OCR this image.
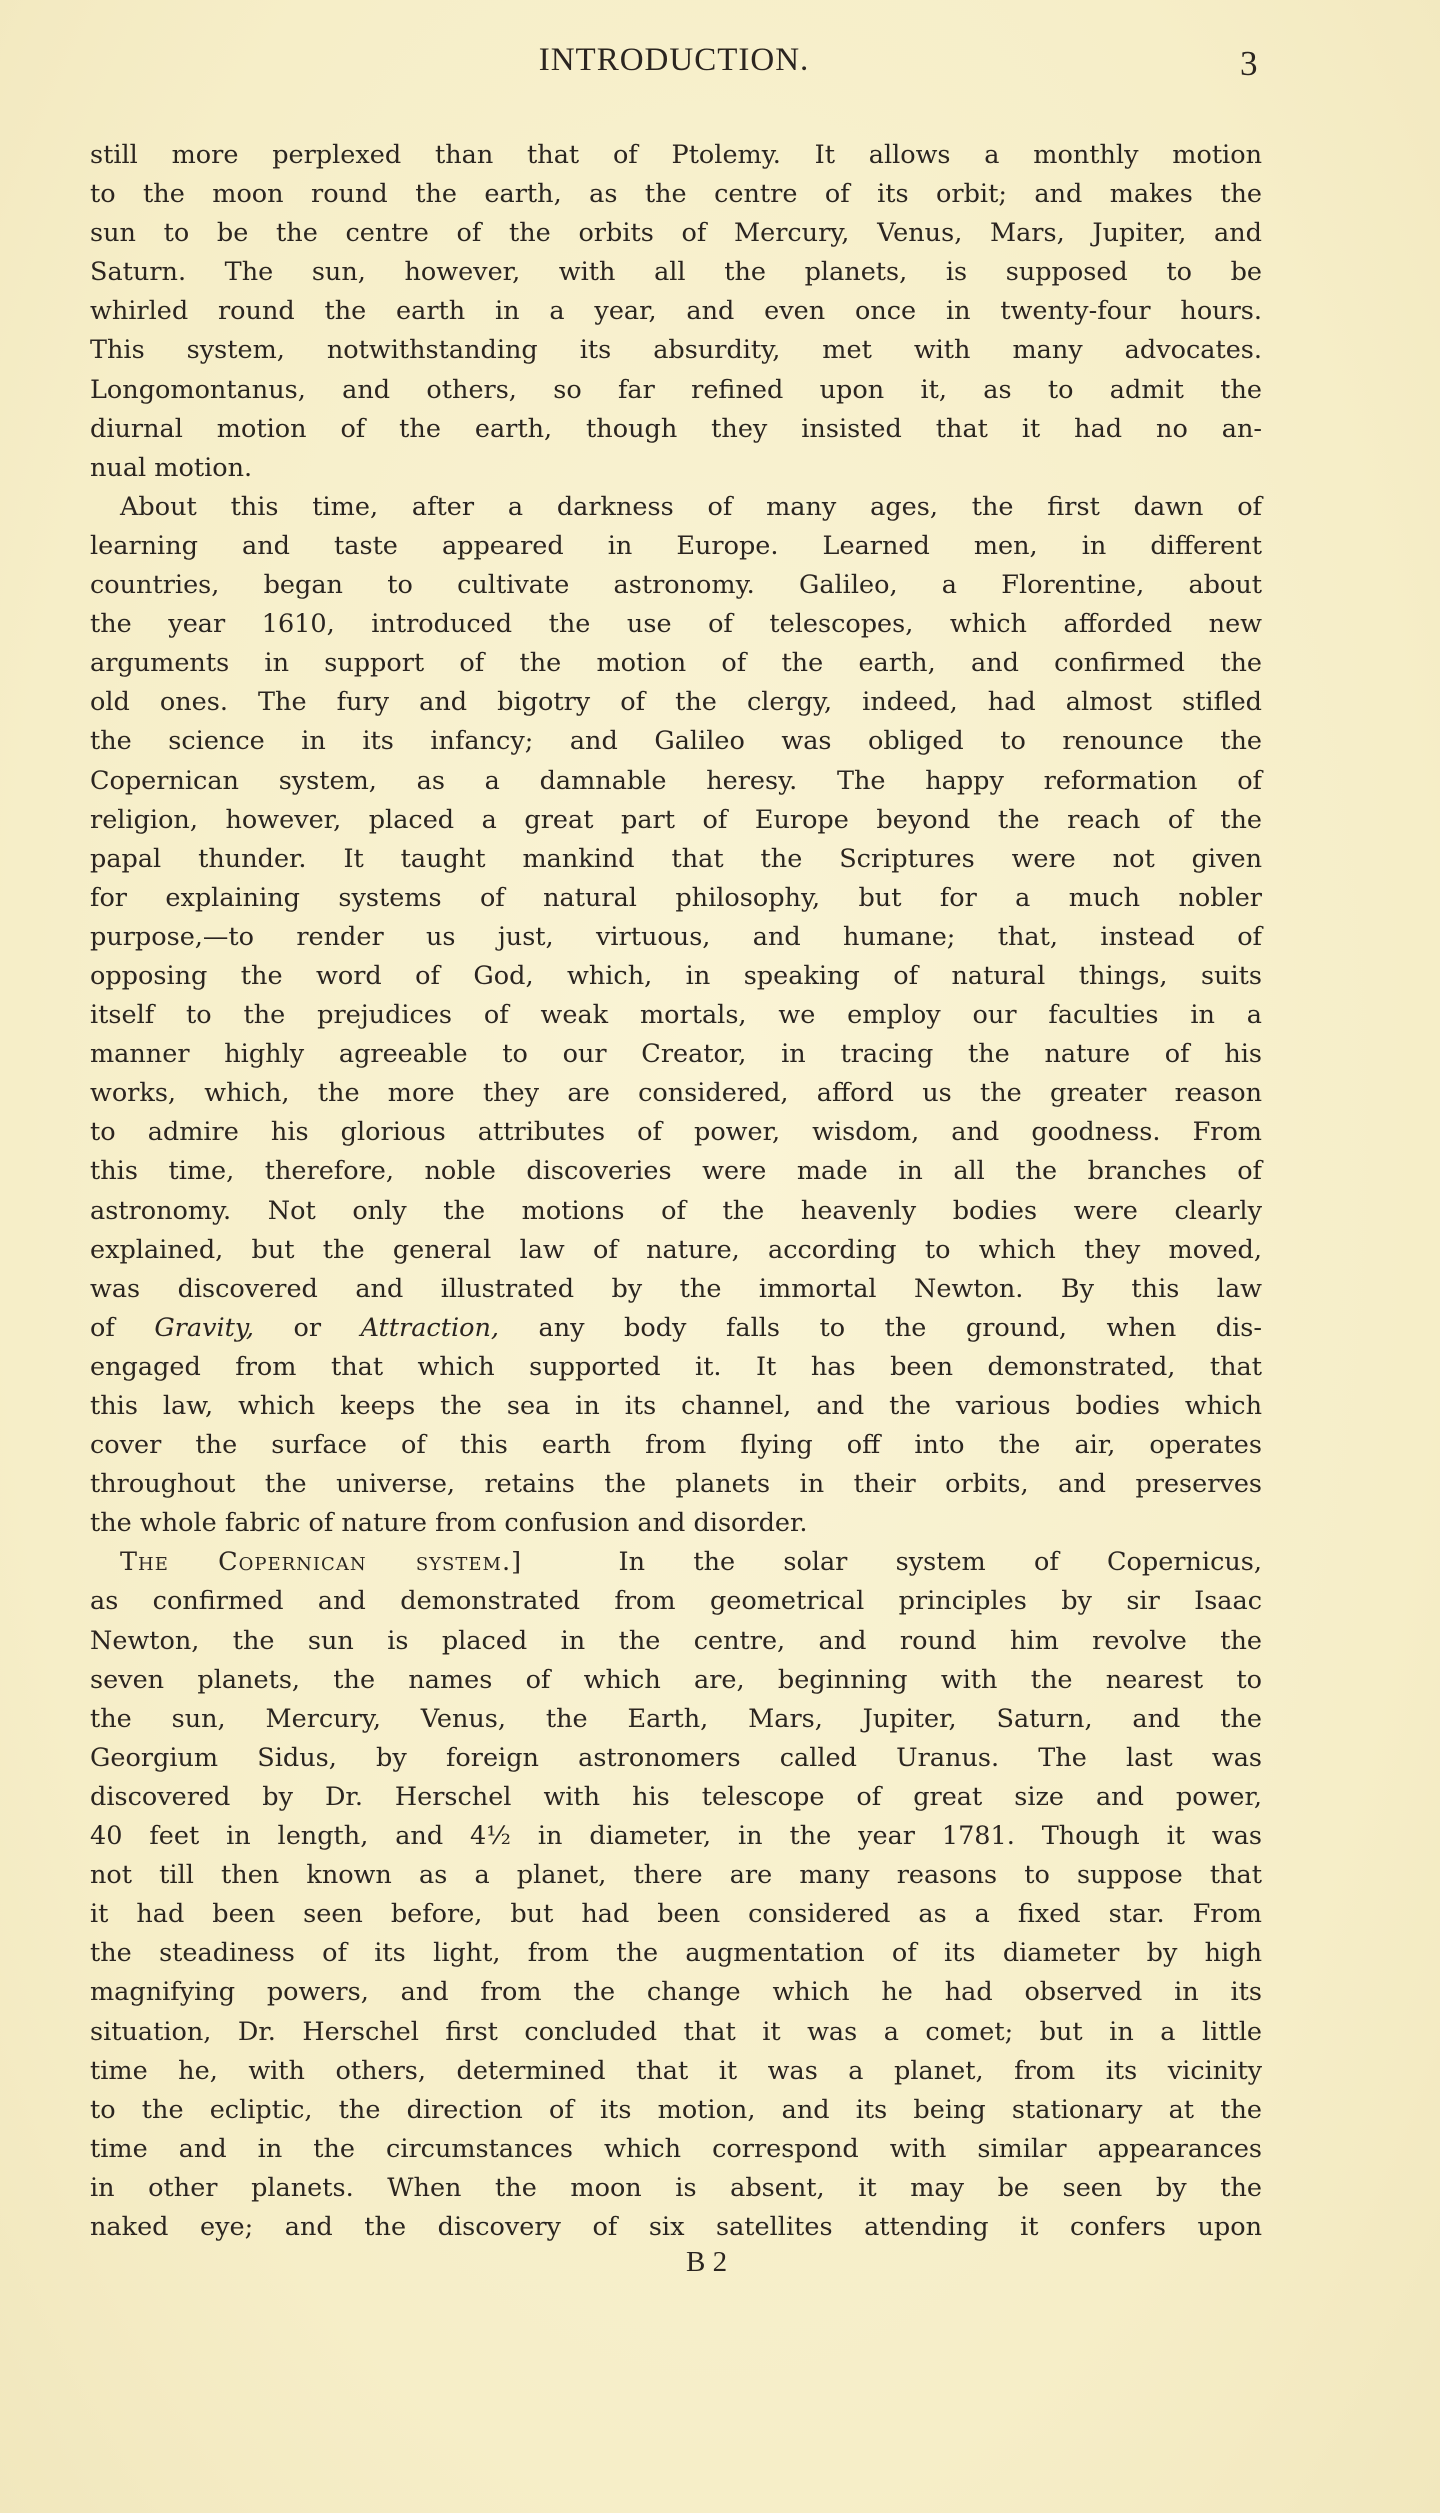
INTRODUCTION.	3
still more perplexed than that of Ptolemy. It allows a monthly motion
to the moon round the earth, as the centre of its orbit; and makes the
sun to be the centre of the orbits of Mercury, Venus, Mars, Jupiter, and
Saturn. The sun, however, with all the planets, is supposed to be
whirled round the earth in a year, and even once in twenty-four hours.
This system, notwithstanding its absurdity, met with many advocates.
Longomontanus, and others, so far refined upon it, as to admit the
diurnal motion of the earth, though they insisted that it had no an-
nual motion.
About this time, after a darkness of many ages, the first dawn of
learning and taste appeared in Europe. Learned men, in different
countries, began to cultivate astronomy. Galileo, a Florentine, about
the year 1610, introduced the use of telescopes, which afforded new
arguments in support of the motion of the earth, and confirmed the
old ones. The fury and bigotry of the clergy, indeed, had almost stifled
the science in its infancy; and Galileo was obliged to renounce the
Copernican system, as a damnable heresy. The happy reformation of
religion, however, placed a great part of Europe beyond the reach of the
papal thunder. It taught mankind that the Scriptures were not given
for explaining systems of natural philosophy, but for a much nobler
purpose,—to render us just, virtuous, and humane; that, instead of
opposing the word of God, which, in speaking of natural things, suits
itself to the prejudices of weak mortals, we employ our faculties in a
manner highly agreeable to our Creator, in tracing the nature of his
works, which, the more they are considered, afford us the greater reason
to admire his glorious attributes of power, wisdom, and goodness. From
this time, therefore, noble discoveries were made in all the branches of
astronomy. Not only the motions of the heavenly bodies were clearly
explained, but the general law of nature, according to which they moved,
was discovered and illustrated by the immortal Newton. By this law
of Gravity, or Attraction, any body falls to the ground, when dis-
engaged from that which supported it. It has been demonstrated, that
this law, which keeps the sea in its channel, and the various bodies which
cover the surface of this earth from flying off into the air, operates
throughout the universe, retains the planets in their orbits, and preserves
the whole fabric of nature from confusion and disorder.
The Copernican system.]  In the solar system of Copernicus,
as confirmed and demonstrated from geometrical principles by sir Isaac
Newton, the sun is placed in the centre, and round him revolve the
seven planets, the names of which are, beginning with the nearest to
the sun, Mercury, Venus, the Earth, Mars, Jupiter, Saturn, and the
Georgium Sidus, by foreign astronomers called Uranus. The last was
discovered by Dr. Herschel with his telescope of great size and power,
40 feet in length, and 4½ in diameter, in the year 1781. Though it was
not till then known as a planet, there are many reasons to suppose that
it had been seen before, but had been considered as a fixed star. From
the steadiness of its light, from the augmentation of its diameter by high
magnifying powers, and from the change which he had observed in its
situation, Dr. Herschel first concluded that it was a comet; but in a little
time he, with others, determined that it was a planet, from its vicinity
to the ecliptic, the direction of its motion, and its being stationary at the
time and in the circumstances which correspond with similar appearances
in other planets. When the moon is absent, it may be seen by the
naked eye; and the discovery of six satellites attending it confers upon
B 2
